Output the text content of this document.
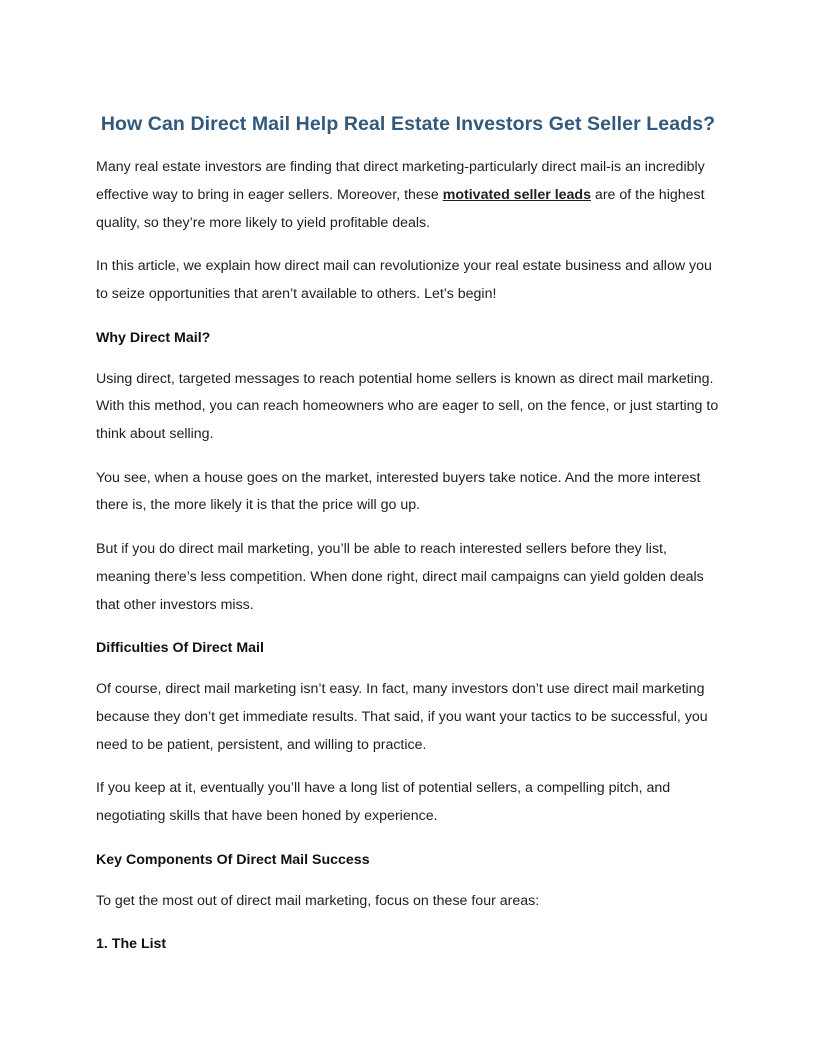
How Can Direct Mail Help Real Estate Investors Get Seller Leads?

Many real estate investors are finding that direct marketing-particularly direct mail-is an incredibly effective way to bring in eager sellers. Moreover, these motivated seller leads are of the highest quality, so they’re more likely to yield profitable deals.

In this article, we explain how direct mail can revolutionize your real estate business and allow you to seize opportunities that aren’t available to others. Let’s begin!

Why Direct Mail?

Using direct, targeted messages to reach potential home sellers is known as direct mail marketing. With this method, you can reach homeowners who are eager to sell, on the fence, or just starting to think about selling.

You see, when a house goes on the market, interested buyers take notice. And the more interest there is, the more likely it is that the price will go up.

But if you do direct mail marketing, you’ll be able to reach interested sellers before they list, meaning there’s less competition. When done right, direct mail campaigns can yield golden deals that other investors miss.

Difficulties Of Direct Mail

Of course, direct mail marketing isn’t easy. In fact, many investors don’t use direct mail marketing because they don’t get immediate results. That said, if you want your tactics to be successful, you need to be patient, persistent, and willing to practice.

If you keep at it, eventually you’ll have a long list of potential sellers, a compelling pitch, and negotiating skills that have been honed by experience.

Key Components Of Direct Mail Success

To get the most out of direct mail marketing, focus on these four areas:

1. The List
